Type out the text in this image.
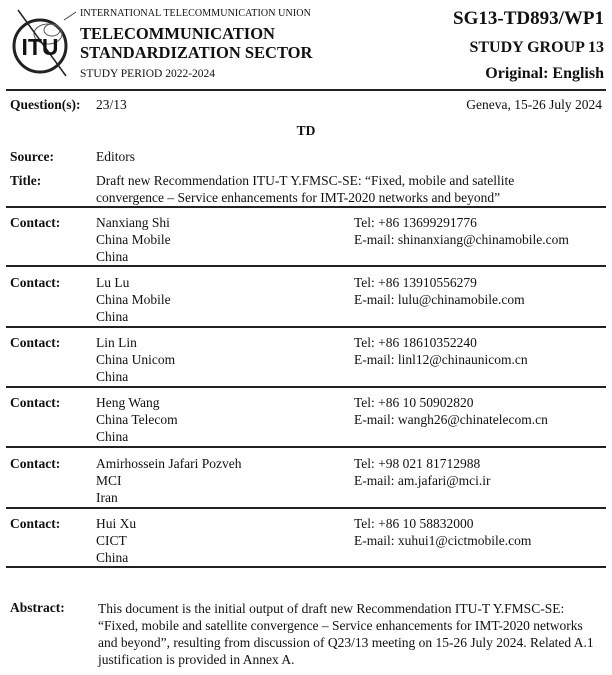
ITU
INTERNATIONAL TELECOMMUNICATION UNION
TELECOMMUNICATION
STANDARDIZATION SECTOR
STUDY PERIOD 2022-2024
SG13-TD893/WP1
STUDY GROUP 13
Original: English
Question(s): 23/13	Geneva, 15-26 July 2024
TD
Source:	Editors
Title:	Draft new Recommendation ITU-T Y.FMSC-SE: “Fixed, mobile and satellite convergence – Service enhancements for IMT-2020 networks and beyond”
Contact:	Nanxiang Shi
China Mobile
China
Tel: +86 13699291776
E-mail: shinanxiang@chinamobile.com
Contact:	Lu Lu
China Mobile
China
Tel: +86 13910556279
E-mail: lulu@chinamobile.com
Contact:	Lin Lin
China Unicom
China
Tel: +86 18610352240
E-mail: linl12@chinaunicom.cn
Contact:	Heng Wang
China Telecom
China
Tel: +86 10 50902820
E-mail: wangh26@chinatelecom.cn
Contact:	Amirhossein Jafari Pozveh
MCI
Iran
Tel: +98 021 81712988
E-mail: am.jafari@mci.ir
Contact:	Hui Xu
CICT
China
Tel: +86 10 58832000
E-mail: xuhui1@cictmobile.com
Abstract: This document is the initial output of draft new Recommendation ITU-T Y.FMSC-SE: “Fixed, mobile and satellite convergence – Service enhancements for IMT-2020 networks and beyond”, resulting from discussion of Q23/13 meeting on 15-26 July 2024. Related A.1 justification is provided in Annex A.
